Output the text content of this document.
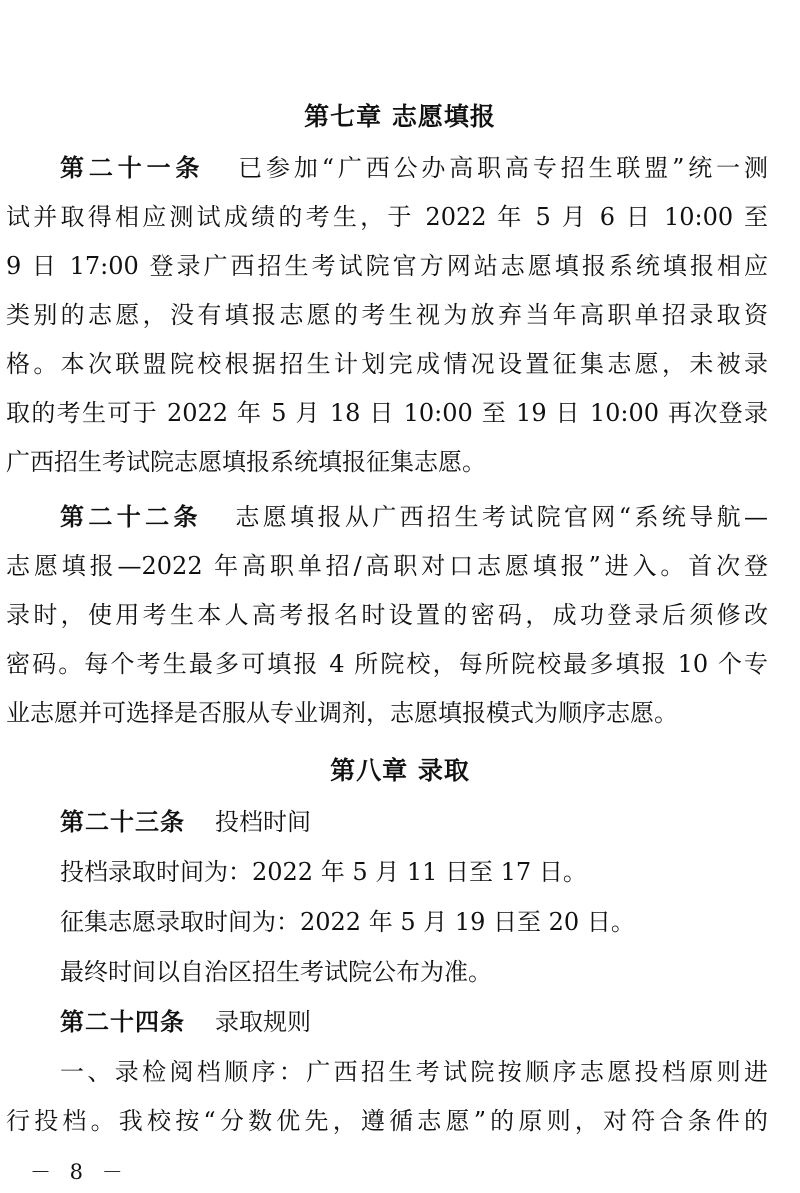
第七章 志愿填报
第二十一条 已参加“广西公办高职高专招生联盟”统一测
试并取得相应测试成绩的考生，于 2022 年 5 月 6 日 10:00 至
9 日 17:00 登录广西招生考试院官方网站志愿填报系统填报相应
类别的志愿，没有填报志愿的考生视为放弃当年高职单招录取资
格。本次联盟院校根据招生计划完成情况设置征集志愿，未被录
取的考生可于 2022 年 5 月 18 日 10:00 至 19 日 10:00 再次登录
广西招生考试院志愿填报系统填报征集志愿。
第二十二条 志愿填报从广西招生考试院官网“系统导航—
志愿填报—2022 年高职单招/高职对口志愿填报”进入。首次登
录时，使用考生本人高考报名时设置的密码，成功登录后须修改
密码。每个考生最多可填报 4 所院校，每所院校最多填报 10 个专
业志愿并可选择是否服从专业调剂，志愿填报模式为顺序志愿。
第八章 录取
第二十三条 投档时间
投档录取时间为：2022 年 5 月 11 日至 17 日。
征集志愿录取时间为：2022 年 5 月 19 日至 20 日。
最终时间以自治区招生考试院公布为准。
第二十四条 录取规则
一、录检阅档顺序：广西招生考试院按顺序志愿投档原则进
行投档。我校按“分数优先，遵循志愿”的原则，对符合条件的
－ 8 －
